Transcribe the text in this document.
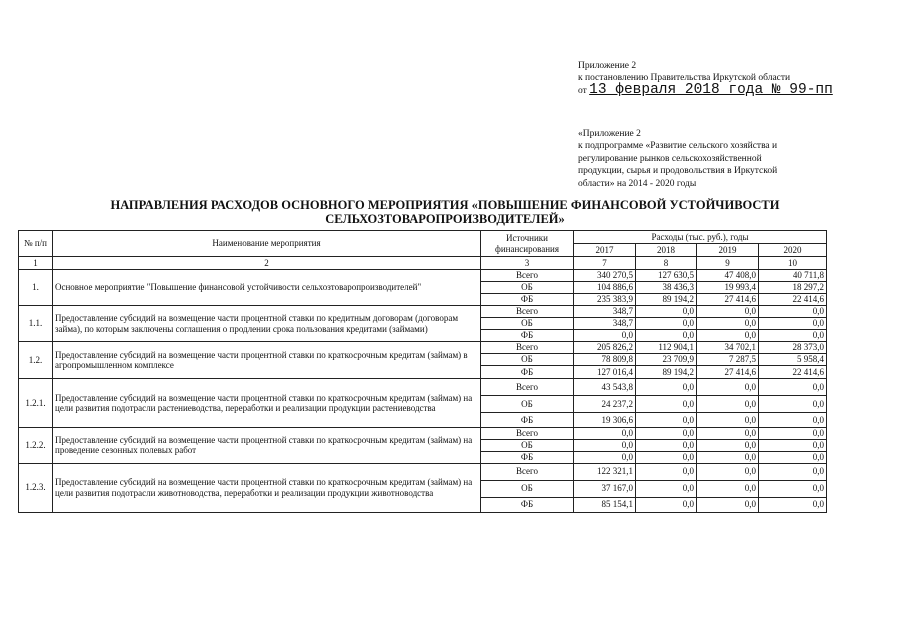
Приложение 2
к постановлению Правительства Иркутской области
от 13 февраля 2018 года № 99-пп
«Приложение 2
к подпрограмме «Развитие сельского хозяйства и
регулирование рынков сельскохозяйственной
продукции, сырья и продовольствия в Иркутской
области» на 2014 - 2020 годы
НАПРАВЛЕНИЯ РАСХОДОВ ОСНОВНОГО МЕРОПРИЯТИЯ «ПОВЫШЕНИЕ ФИНАНСОВОЙ УСТОЙЧИВОСТИ
СЕЛЬХОЗТОВАРОПРОИЗВОДИТЕЛЕЙ»
№ п/п	Наименование мероприятия	Источники финансирования	Расходы (тыс. руб.), годы			
			2017	2018	2019	2020
1	2	3	7	8	9	10
1.	Основное мероприятие "Повышение финансовой устойчивости сельхозтоваропроизводителей"	Всего	340 270,5	127 630,5	47 408,0	40 711,8
		ОБ	104 886,6	38 436,3	19 993,4	18 297,2
		ФБ	235 383,9	89 194,2	27 414,6	22 414,6
1.1.	Предоставление субсидий на возмещение части процентной ставки по кредитным договорам (договорам займа), по которым заключены соглашения о продлении срока пользования кредитами (займами)	Всего	348,7	0,0	0,0	0,0
		ОБ	348,7	0,0	0,0	0,0
		ФБ	0,0	0,0	0,0	0,0
1.2.	Предоставление субсидий на возмещение части процентной ставки по краткосрочным кредитам (займам) в агропромышленном комплексе	Всего	205 826,2	112 904,1	34 702,1	28 373,0
		ОБ	78 809,8	23 709,9	7 287,5	5 958,4
		ФБ	127 016,4	89 194,2	27 414,6	22 414,6
1.2.1.	Предоставление субсидий на возмещение части процентной ставки по краткосрочным кредитам (займам) на цели развития подотрасли растениеводства, переработки и реализации продукции растениеводства	Всего	43 543,8	0,0	0,0	0,0
		ОБ	24 237,2	0,0	0,0	0,0
		ФБ	19 306,6	0,0	0,0	0,0
1.2.2.	Предоставление субсидий на возмещение части процентной ставки по краткосрочным кредитам (займам) на проведение сезонных полевых работ	Всего	0,0	0,0	0,0	0,0
		ОБ	0,0	0,0	0,0	0,0
		ФБ	0,0	0,0	0,0	0,0
1.2.3.	Предоставление субсидий на возмещение части процентной ставки по краткосрочным кредитам (займам) на цели развития подотрасли животноводства, переработки и реализации продукции животноводства	Всего	122 321,1	0,0	0,0	0,0
		ОБ	37 167,0	0,0	0,0	0,0
		ФБ	85 154,1	0,0	0,0	0,0
